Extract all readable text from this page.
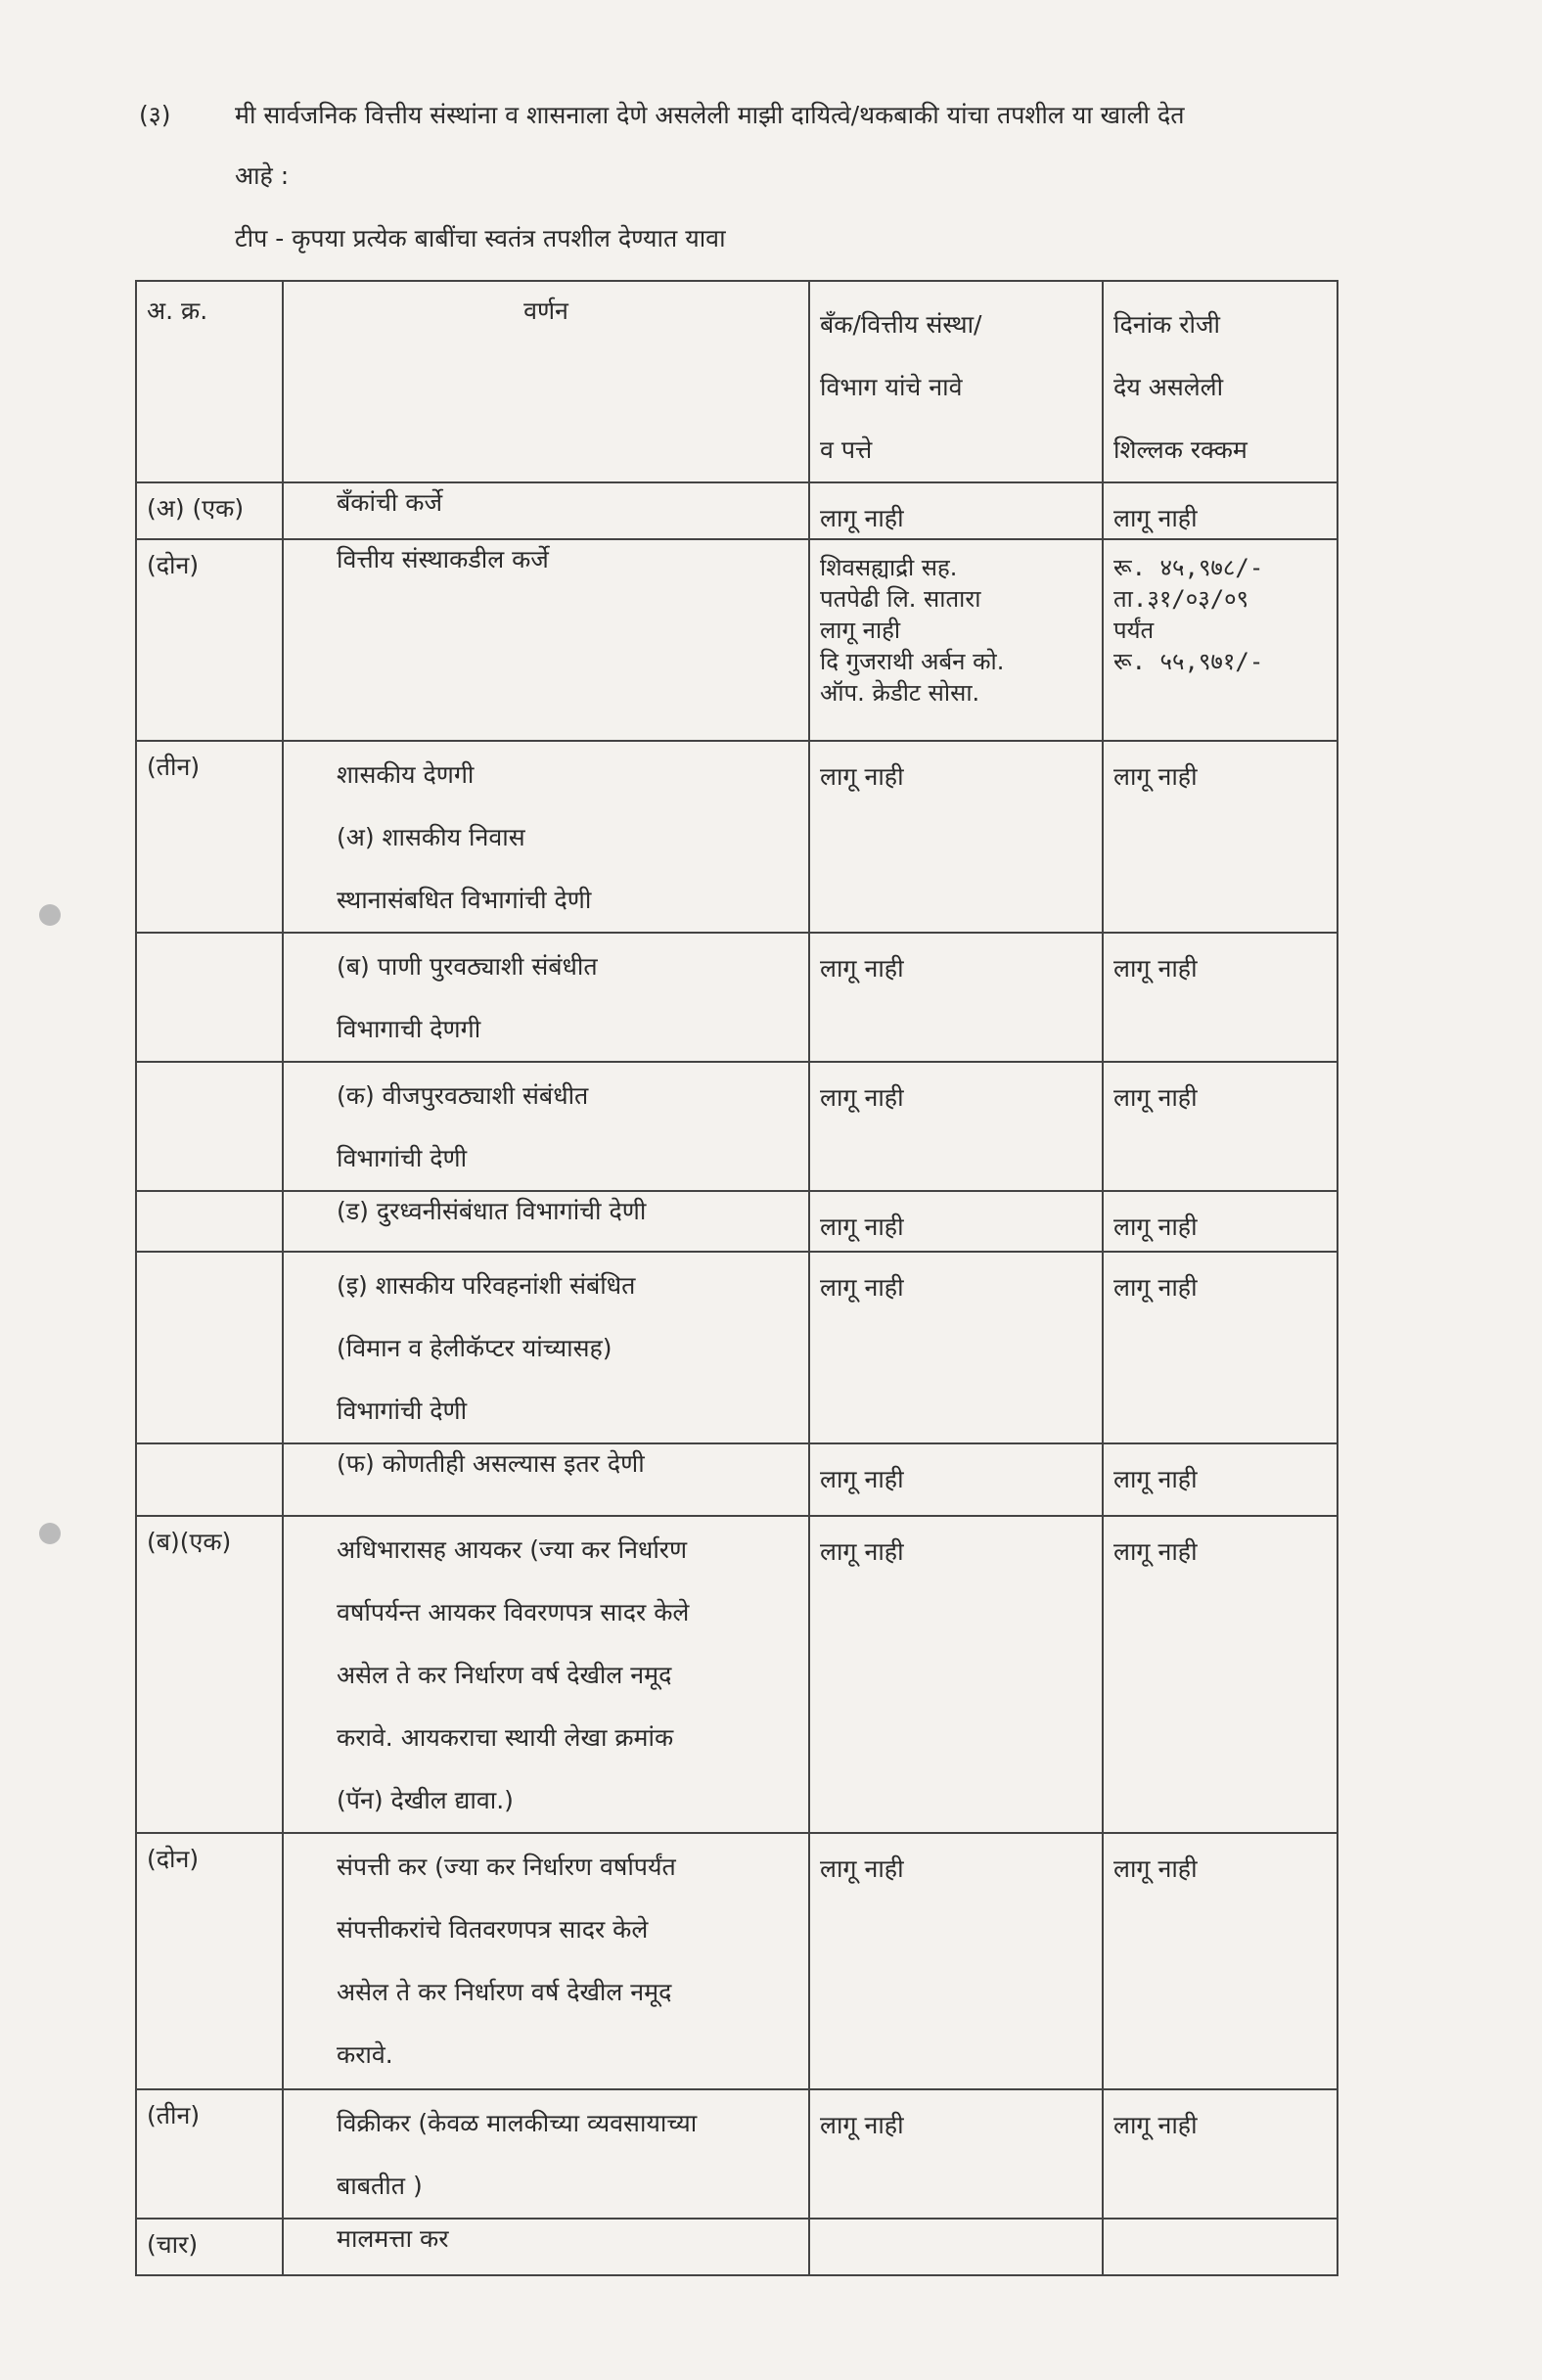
(३)	मी सार्वजनिक वित्तीय संस्थांना व शासनाला देणे असलेली माझी दायित्वे/थकबाकी यांचा तपशील या खाली देत
आहे :
टीप - कृपया प्रत्येक बाबींचा स्वतंत्र तपशील देण्यात यावा
अ. क्र.	वर्णन	बँक/वित्तीय संस्था/
विभाग यांचे नावे
व पत्ते	दिनांक रोजी
देय असलेली
शिल्लक रक्कम

(अ) (एक)	बँकांची कर्जे	लागू नाही	लागू नाही

(दोन)	वित्तीय संस्थाकडील कर्जे	शिवसह्याद्री सह.
पतपेढी लि. सातारा
लागू नाही
दि गुजराथी अर्बन को.
ऑप. क्रेडीट सोसा.	रू. ४५,९७८/-
ता.३१/०३/०९
पर्यंत
रू. ५५,९७१/-

(तीन)	शासकीय देणगी
(अ) शासकीय निवास
स्थानासंबधित विभागांची देणी	लागू नाही	लागू नाही

	(ब) पाणी पुरवठ्याशी संबंधीत
विभागाची देणगी	लागू नाही	लागू नाही

	(क) वीजपुरवठ्याशी संबंधीत
विभागांची देणी	लागू नाही	लागू नाही

	(ड) दुरध्वनीसंबंधात विभागांची देणी	लागू नाही	लागू नाही

	(इ) शासकीय परिवहनांशी संबंधित
(विमान व हेलीकॅप्टर यांच्यासह)
विभागांची देणी	लागू नाही	लागू नाही

	(फ) कोणतीही असल्यास इतर देणी	लागू नाही	लागू नाही

(ब)(एक)	अधिभारासह आयकर (ज्या कर निर्धारण
वर्षापर्यन्त आयकर विवरणपत्र सादर केले
असेल ते कर निर्धारण वर्ष देखील नमूद
करावे. आयकराचा स्थायी लेखा क्रमांक
(पॅन) देखील द्यावा.)	लागू नाही	लागू नाही

(दोन)	संपत्ती कर (ज्या कर निर्धारण वर्षापर्यंत
संपत्तीकरांचे वितवरणपत्र सादर केले
असेल ते कर निर्धारण वर्ष देखील नमूद
करावे.	लागू नाही	लागू नाही

(तीन)	विक्रीकर (केवळ मालकीच्या व्यवसायाच्या
बाबतीत )	लागू नाही	लागू नाही

(चार)	मालमत्ता कर		
